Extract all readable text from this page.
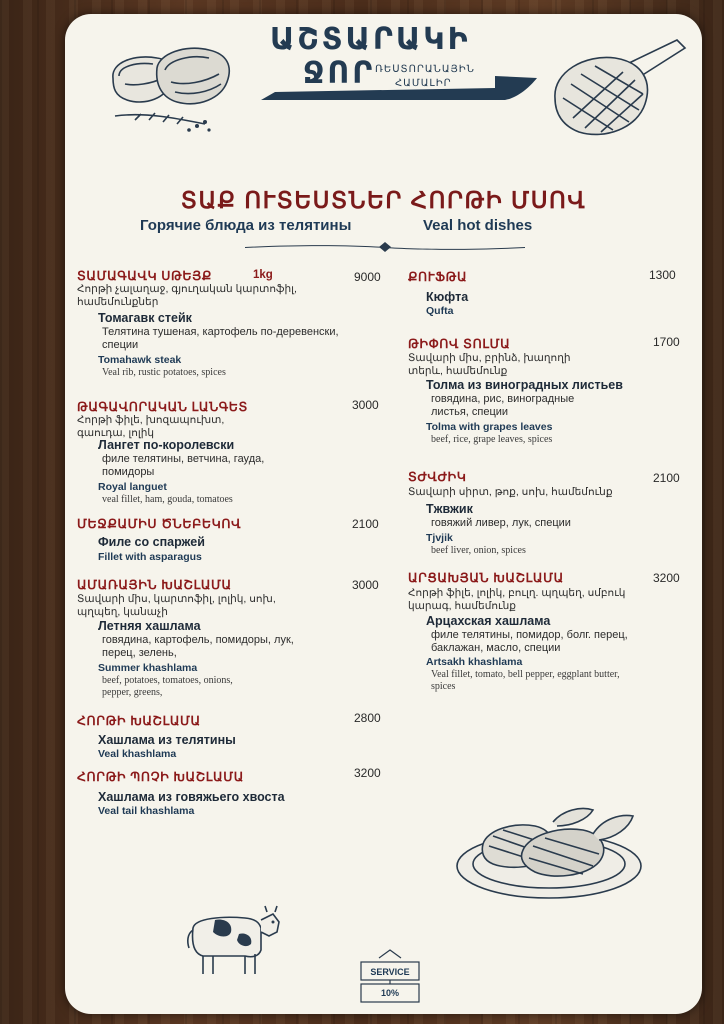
ԱՇՏԱՐԱԿԻ
ՋՈՐ ՌԵՍՏՈՐԱՆԱՅԻՆ
ՀԱՄԱԼԻՐ
ՏԱՔ ՈՒՏԵՍՏՆԵՐ ՀՈՐԹԻ ՄՍՈՎ
Горячие блюда из телятины	Veal hot dishes
ՏԱՄԱԳԱՎԿ ՍԹԵՅՔ	1kg	9000
Հորթի չալաղաջ, գյուղական կարտոֆիլ, համեմունքներ
Томагавк стейк
Телятина тушеная, картофель по-деревенски, специи
Tomahawk steak
Veal rib, rustic potatoes, spices
ԹԱԳԱՎՈՐԱԿԱՆ ԼԱՆԳԵՏ	3000
Հորթի ֆիլե, խոզապուխտ, գաուդա, լոլիկ
Лангет по-королевски
филе телятины, ветчина, гауда, помидоры
Royal languet
veal fillet, ham, gouda, tomatoes
ՄԵՋՔԱՄԻՍ ԾՆԵԲԵԿՈՎ	2100
Филе со спаржей
Fillet with asparagus
ԱՄԱՌԱՅԻՆ ԽԱՇԼԱՄԱ	3000
Տավարի միս, կարտոֆիլ, լոլիկ, սոխ, պղպեղ, կանաչի
Летняя хашлама
говядина, картофель, помидоры, лук, перец, зелень,
Summer khashlama
beef, potatoes, tomatoes, onions, pepper, greens,
ՀՈՐԹԻ ԽԱՇԼԱՄԱ	2800
Хашлама из телятины
Veal khashlama
ՀՈՐԹԻ ՊՈՉԻ ԽԱՇԼԱՄԱ	3200
Хашлама из говяжьего хвоста
Veal tail khashlama
ՔՈՒՖԹԱ	1300
Кюфта
Qufta
ԹԻՓՈՎ ՏՈԼՄԱ	1700
Տավարի միս, բրինձ, խաղողի տերև, համեմունք
Толма из виноградных листьев
говядина, рис, виноградные листья, специи
Tolma with grapes leaves
beef, rice, grape leaves, spices
ՏԺՎԺԻԿ	2100
Տավարի սիրտ, թոք, սոխ, համեմունք
Тжвжик
говяжий ливер, лук, специи
Tjvjik
beef liver, onion, spices
ԱՐՑԱԽՅԱՆ ԽԱՇԼԱՄԱ	3200
Հորթի ֆիլե, լոլիկ, բուլղ. պղպեղ, սմբուկ կարագ, համեմունք
Арцахская хашлама
филе телятины, помидор, болг. перец, баклажан, масло, специи
Artsakh khashlama
Veal fillet, tomato, bell pepper, eggplant butter, spices
SERVICE
10%
